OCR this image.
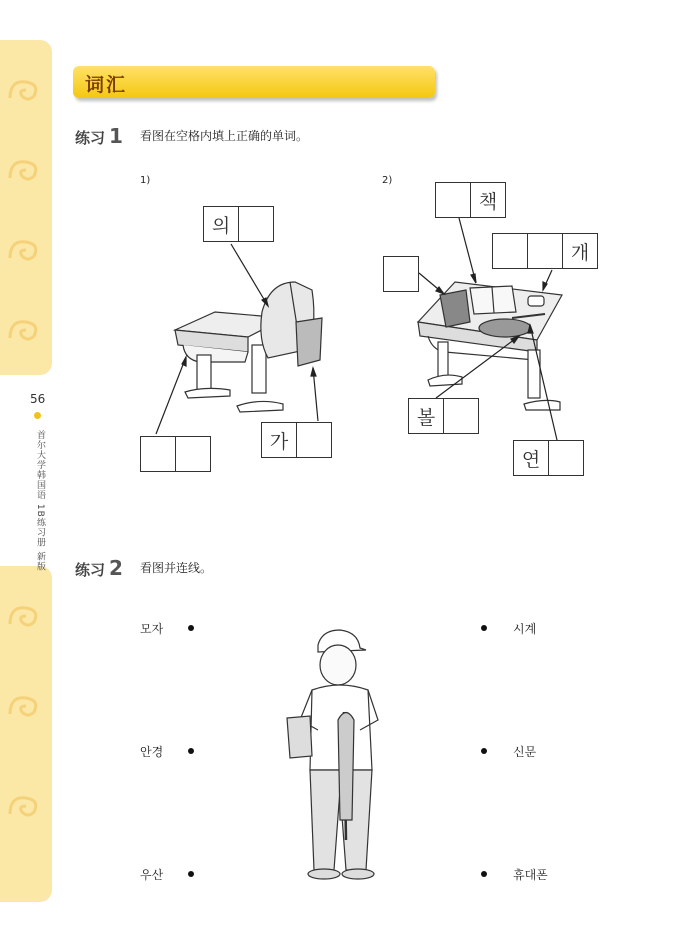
56
首尔大学韩国语 1B练习册 新版
词汇
练习 1 看图在空格内填上正确的单词。
1)	2)
의
가
책
개
볼
연
练习 2 看图并连线。
모자
안경
우산
시계
신문
휴대폰
